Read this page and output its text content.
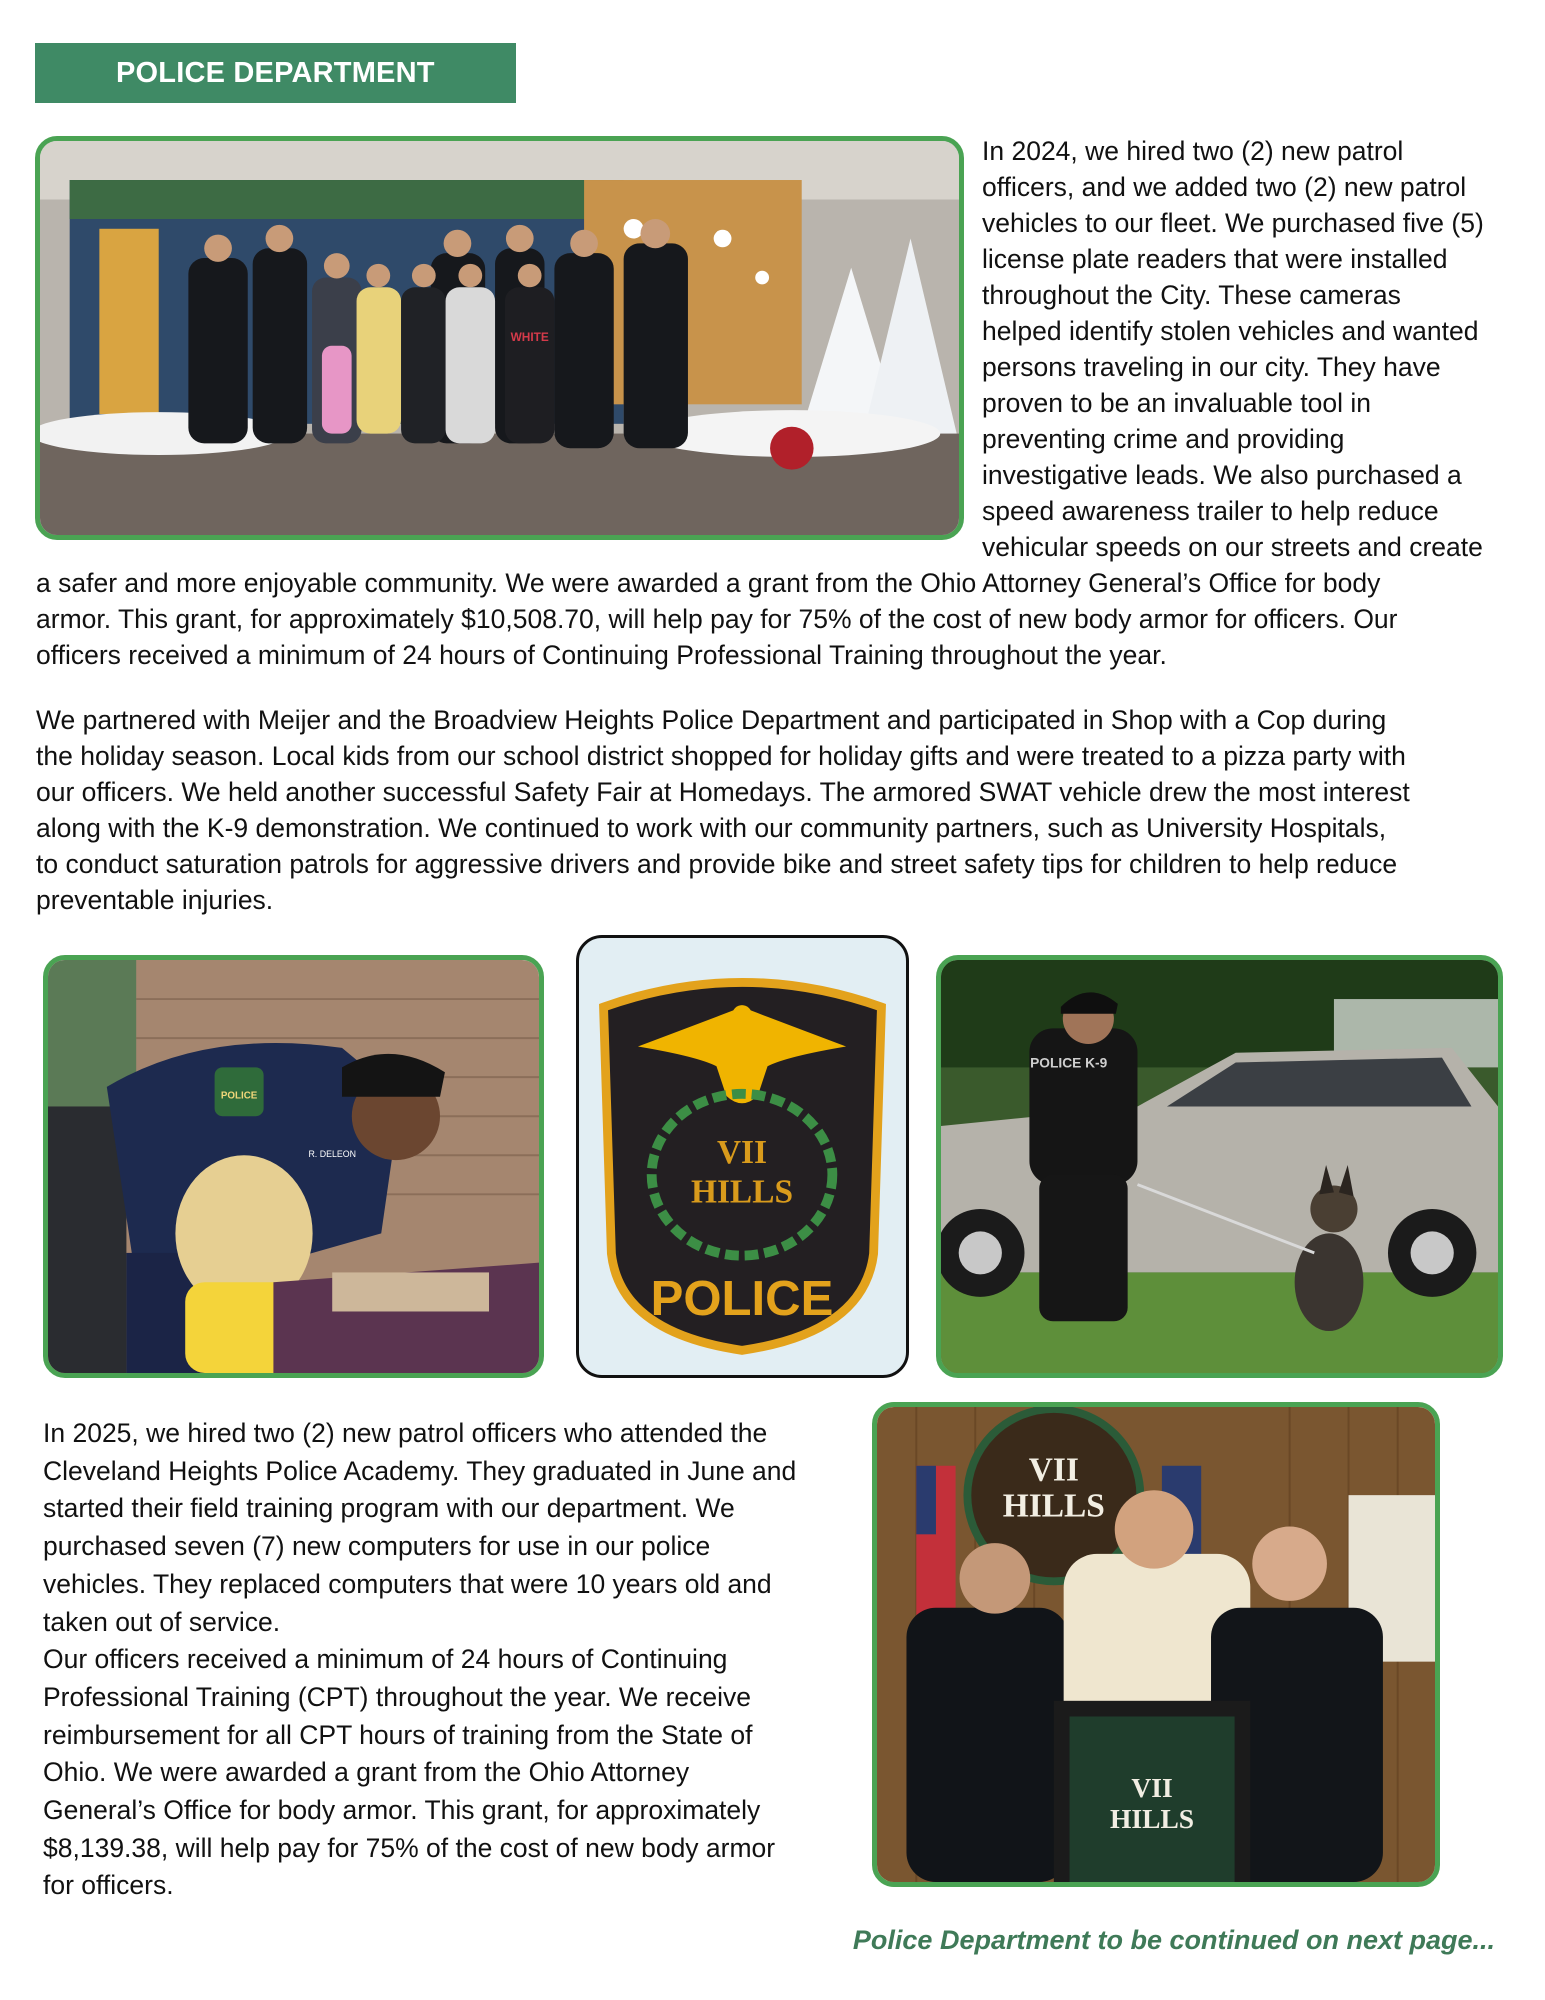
POLICE DEPARTMENT
WHITE
In 2024, we hired two (2) new patrol
officers, and we added two (2) new patrol
vehicles to our fleet. We purchased five (5)
license plate readers that were installed
throughout the City. These cameras
helped identify stolen vehicles and wanted
persons traveling in our city. They have
proven to be an invaluable tool in
preventing crime and providing
investigative leads. We also purchased a
speed awareness trailer to help reduce
vehicular speeds on our streets and create
a safer and more enjoyable community. We were awarded a grant from the Ohio Attorney General’s Office for body
armor. This grant, for approximately $10,508.70, will help pay for 75% of the cost of new body armor for officers. Our
officers received a minimum of 24 hours of Continuing Professional Training throughout the year.
We partnered with Meijer and the Broadview Heights Police Department and participated in Shop with a Cop during
the holiday season. Local kids from our school district shopped for holiday gifts and were treated to a pizza party with
our officers. We held another successful Safety Fair at Homedays. The armored SWAT vehicle drew the most interest
along with the K-9 demonstration. We continued to work with our community partners, such as University Hospitals,
to conduct saturation patrols for aggressive drivers and provide bike and street safety tips for children to help reduce
preventable injuries.
POLICE
R. DELEON	VII
HILLS
POLICE
POLICE K-9
In 2025, we hired two (2) new patrol officers who attended the
Cleveland Heights Police Academy. They graduated in June and
started their field training program with our department. We
purchased seven (7) new computers for use in our police
vehicles. They replaced computers that were 10 years old and
taken out of service.
Our officers received a minimum of 24 hours of Continuing
Professional Training (CPT) throughout the year. We receive
reimbursement for all CPT hours of training from the State of
Ohio. We were awarded a grant from the Ohio Attorney
General’s Office for body armor. This grant, for approximately
$8,139.38, will help pay for 75% of the cost of new body armor
for officers.
VII
HILLS
VII
HILLS
Police Department to be continued on next page...
